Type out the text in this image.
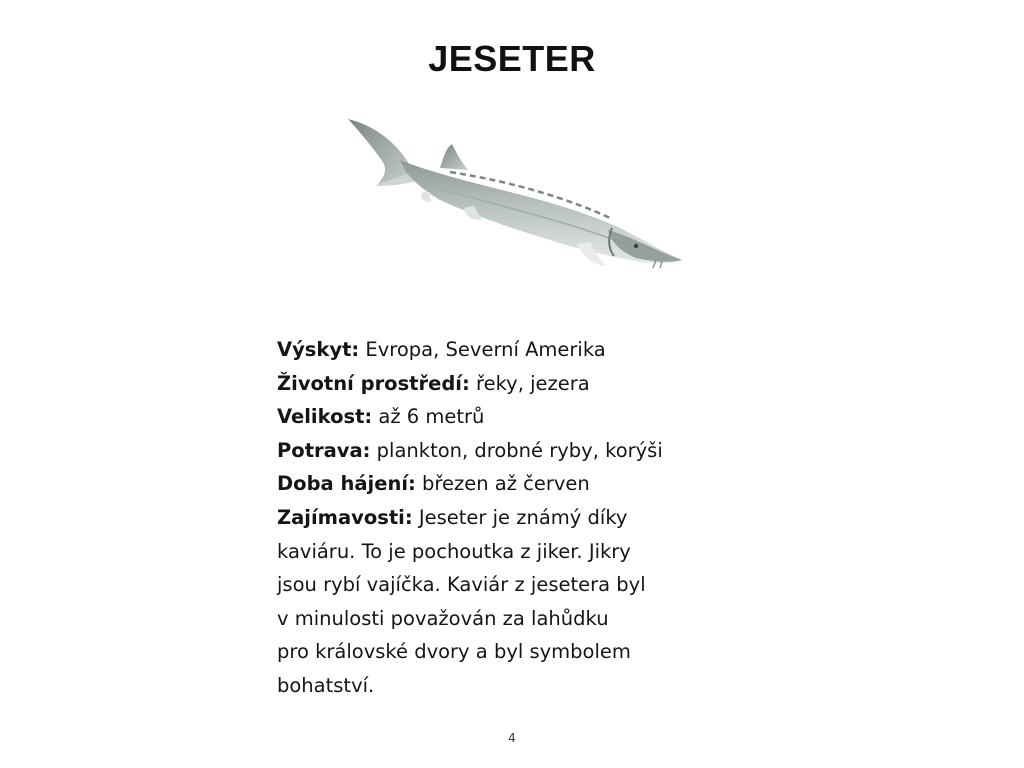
JESETER
Výskyt: Evropa, Severní Amerika
Životní prostředí: řeky, jezera
Velikost: až 6 metrů
Potrava: plankton, drobné ryby, korýši
Doba hájení: březen až červen
Zajímavosti: Jeseter je známý díky
kaviáru. To je pochoutka z jiker. Jikry
jsou rybí vajíčka. Kaviár z jesetera byl
v minulosti považován za lahůdku
pro královské dvory a byl symbolem
bohatství.
4
